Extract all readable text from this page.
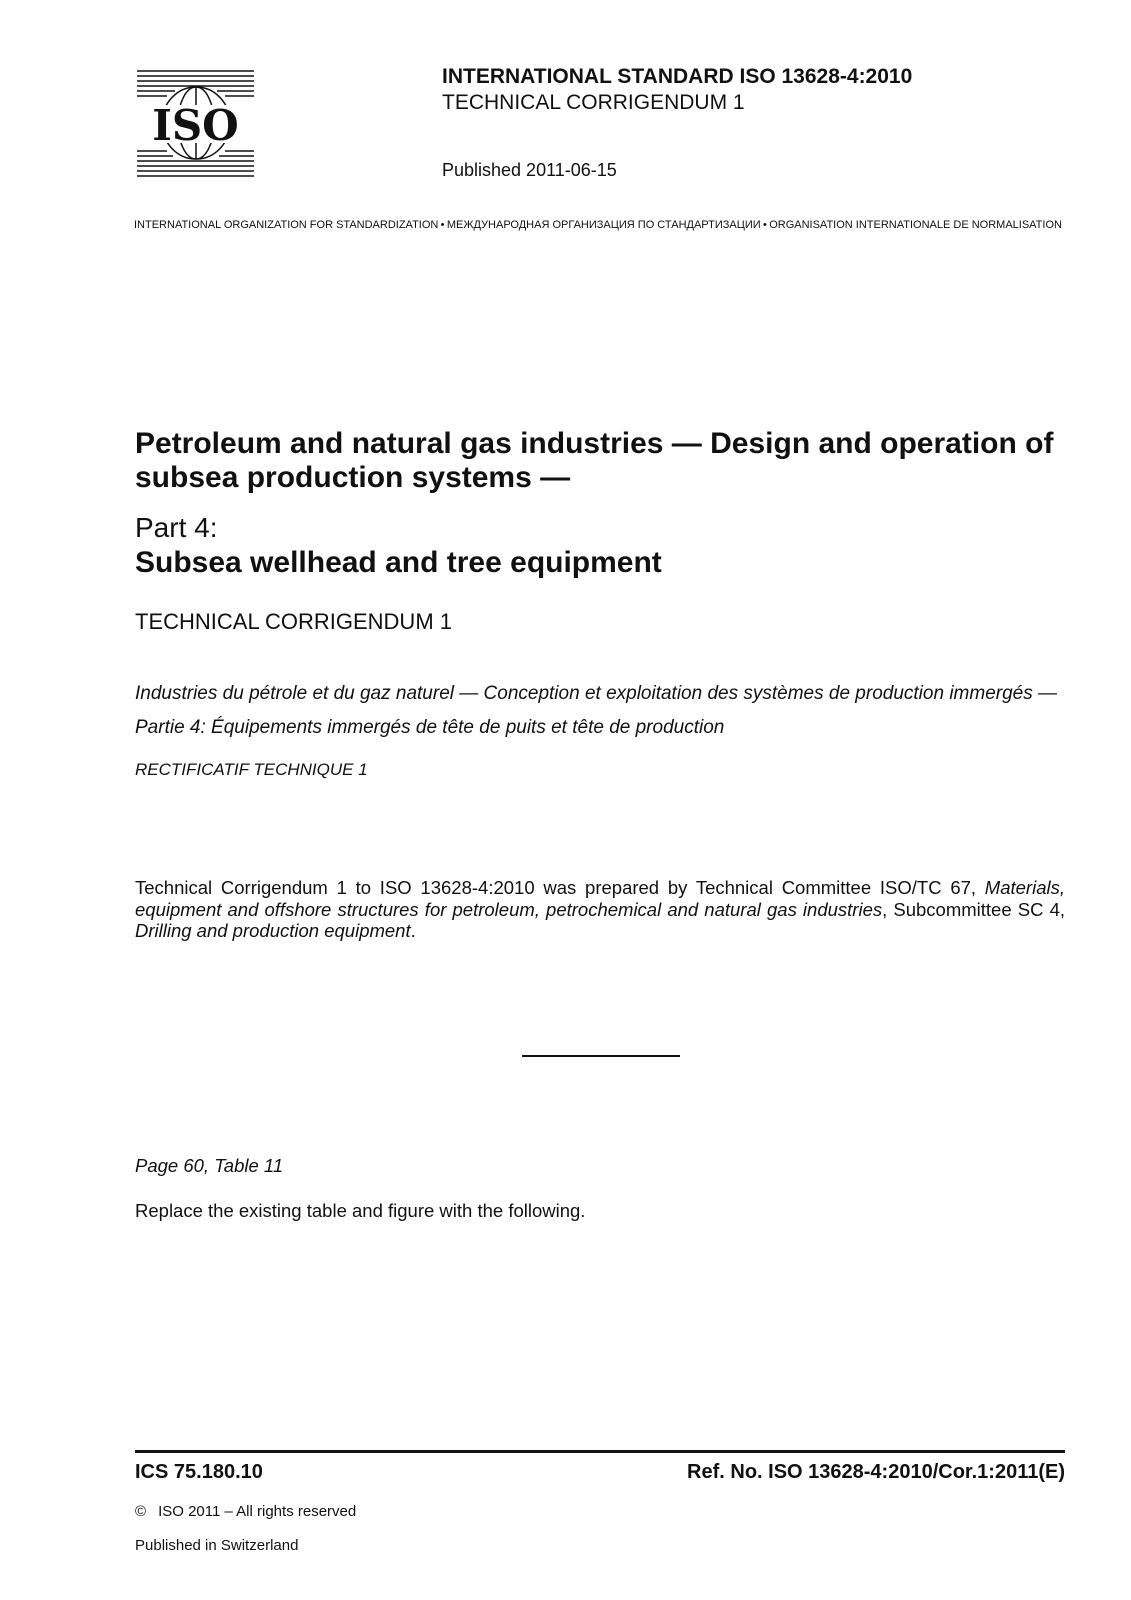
ISO
INTERNATIONAL STANDARD ISO 13628-4:2010
TECHNICAL CORRIGENDUM 1
Published 2011-06-15
INTERNATIONAL ORGANIZATION FOR STANDARDIZATION • МЕЖДУНАРОДНАЯ ОРГАНИЗАЦИЯ ПО СТАНДАРТИЗАЦИИ • ORGANISATION INTERNATIONALE DE NORMALISATION
Petroleum and natural gas industries — Design and operation of subsea production systems —
Part 4:
Subsea wellhead and tree equipment
TECHNICAL CORRIGENDUM 1
Industries du pétrole et du gaz naturel — Conception et exploitation des systèmes de production immergés —
Partie 4: Équipements immergés de tête de puits et tête de production
RECTIFICATIF TECHNIQUE 1
Technical Corrigendum 1 to ISO 13628-4:2010 was prepared by Technical Committee ISO/TC 67, Materials, equipment and offshore structures for petroleum, petrochemical and natural gas industries, Subcommittee SC 4, Drilling and production equipment.
Page 60, Table 11
Replace the existing table and figure with the following.
ICS 75.180.10	Ref. No. ISO 13628-4:2010/Cor.1:2011(E)
© ISO 2011 – All rights reserved
Published in Switzerland
